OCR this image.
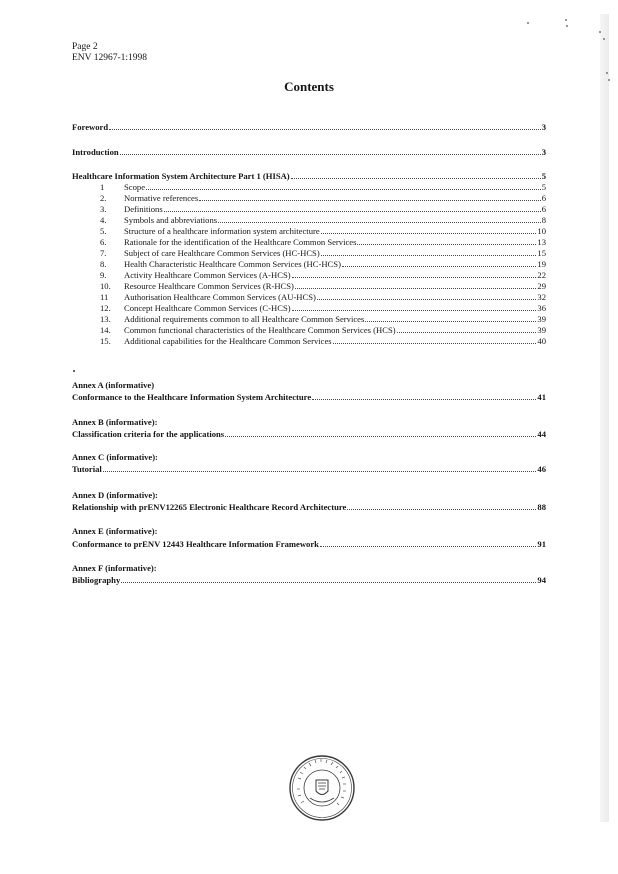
Page 2
ENV 12967-1:1998
Contents
Foreword	3
Introduction	3
Healthcare Information System Architecture Part 1 (HISA)	5
1	Scope	5
2.	Normative references	6
3.	Definitions	6
4.	Symbols and abbreviations	8
5.	Structure of a healthcare information system architecture	10
6.	Rationale for the identification of the Healthcare Common Services	13
7.	Subject of care Healthcare Common Services (HC-HCS)	15
8.	Health Characteristic Healthcare Common Services (HC-HCS)	19
9.	Activity Healthcare Common Services (A-HCS)	22
10.	Resource Healthcare Common Services (R-HCS)	29
11	Authorisation Healthcare Common Services (AU-HCS)	32
12.	Concept Healthcare Common Services (C-HCS)	36
13.	Additional requirements common to all Healthcare Common Services	39
14.	Common functional characteristics of the Healthcare Common Services (HCS)	39
15.	Additional capabilities for the Healthcare Common Services	40
Annex A (informative)
Conformance to the Healthcare Information System Architecture	41
Annex B (informative):
Classification criteria for the applications	44
Annex C (informative):
Tutorial	46
Annex D (informative):
Relationship with prENV12265 Electronic Healthcare Record Architecture	88
Annex E (informative):
Conformance to prENV 12443 Healthcare Information Framework	91
Annex F (informative):
Bibliography	94
·
